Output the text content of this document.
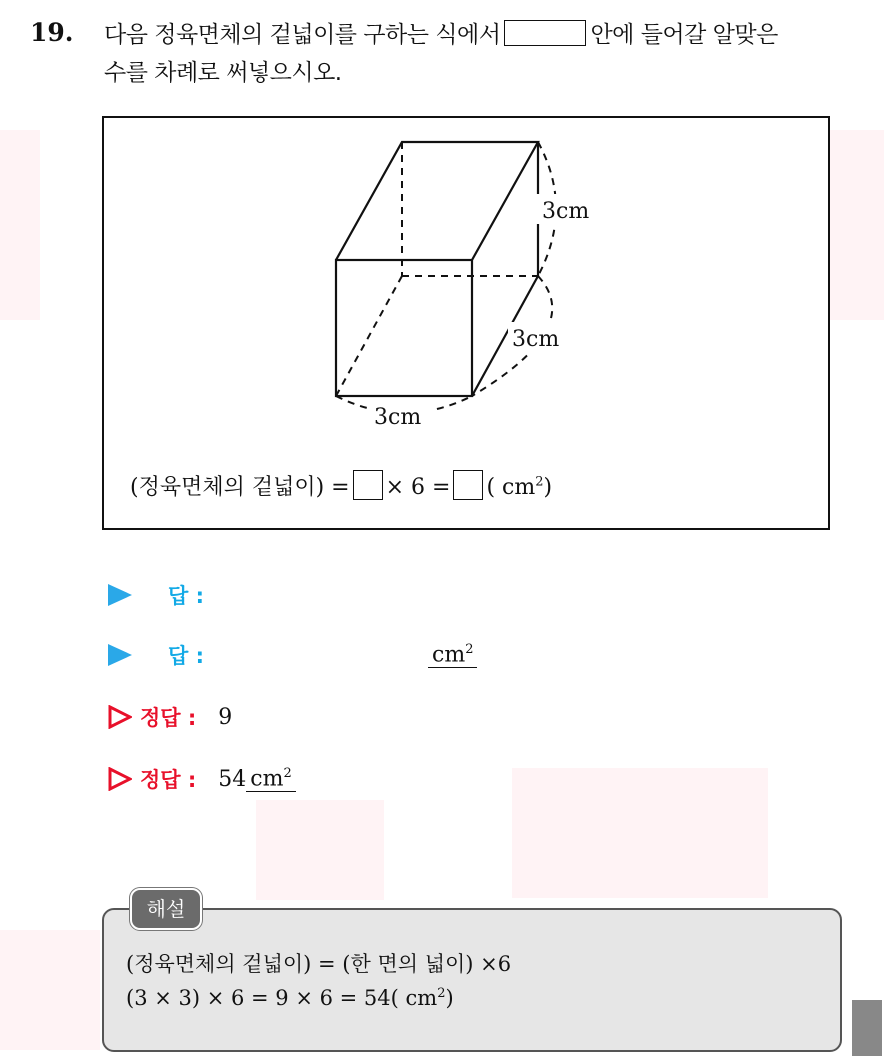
19. 다음 정육면체의 겉넓이를 구하는 식에서	안에 들어갈 알맞은
수를 차례로 써넣으시오.
3cm
3cm
3cm
(정육면체의 겉넓이) = × 6 = ( $cm^2$)
답 :
답 :	$cm^2$
정답 : 9
정답 : 54 $cm^2$
해설
(정육면체의 겉넓이) = (한 면의 넓이) ×6
(3 × 3) × 6 = 9 × 6 = 54( $cm^2$)
